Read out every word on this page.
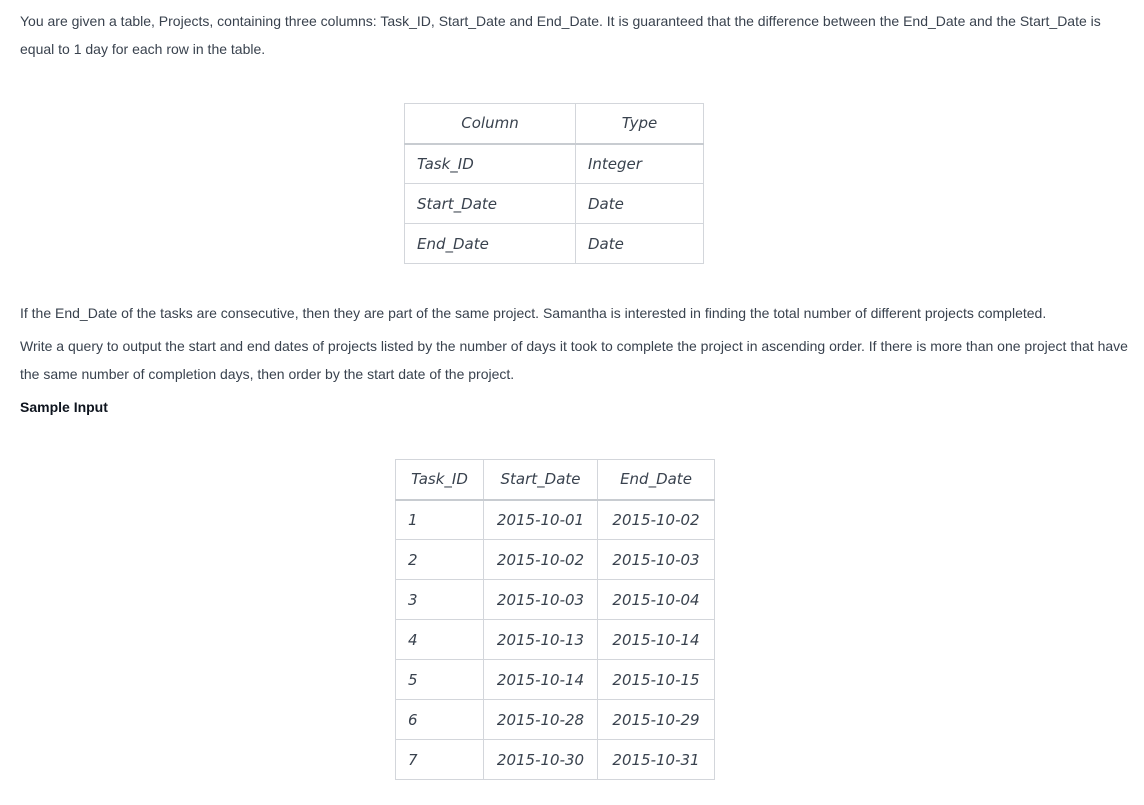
You are given a table, Projects, containing three columns: Task_ID, Start_Date and End_Date. It is guaranteed that the difference between the End_Date and the Start_Date is equal to 1 day for each row in the table.

If the End_Date of the tasks are consecutive, then they are part of the same project. Samantha is interested in finding the total number of different projects completed.

Write a query to output the start and end dates of projects listed by the number of days it took to complete the project in ascending order. If there is more than one project that have the same number of completion days, then order by the start date of the project.

Sample Input

Column	Type
Task_ID	Integer
Start_Date	Date
End_Date	Date
Task_ID	Start_Date	End_Date
1	2015-10-01	2015-10-02
2	2015-10-02	2015-10-03
3	2015-10-03	2015-10-04
4	2015-10-13	2015-10-14
5	2015-10-14	2015-10-15
6	2015-10-28	2015-10-29
7	2015-10-30	2015-10-31
